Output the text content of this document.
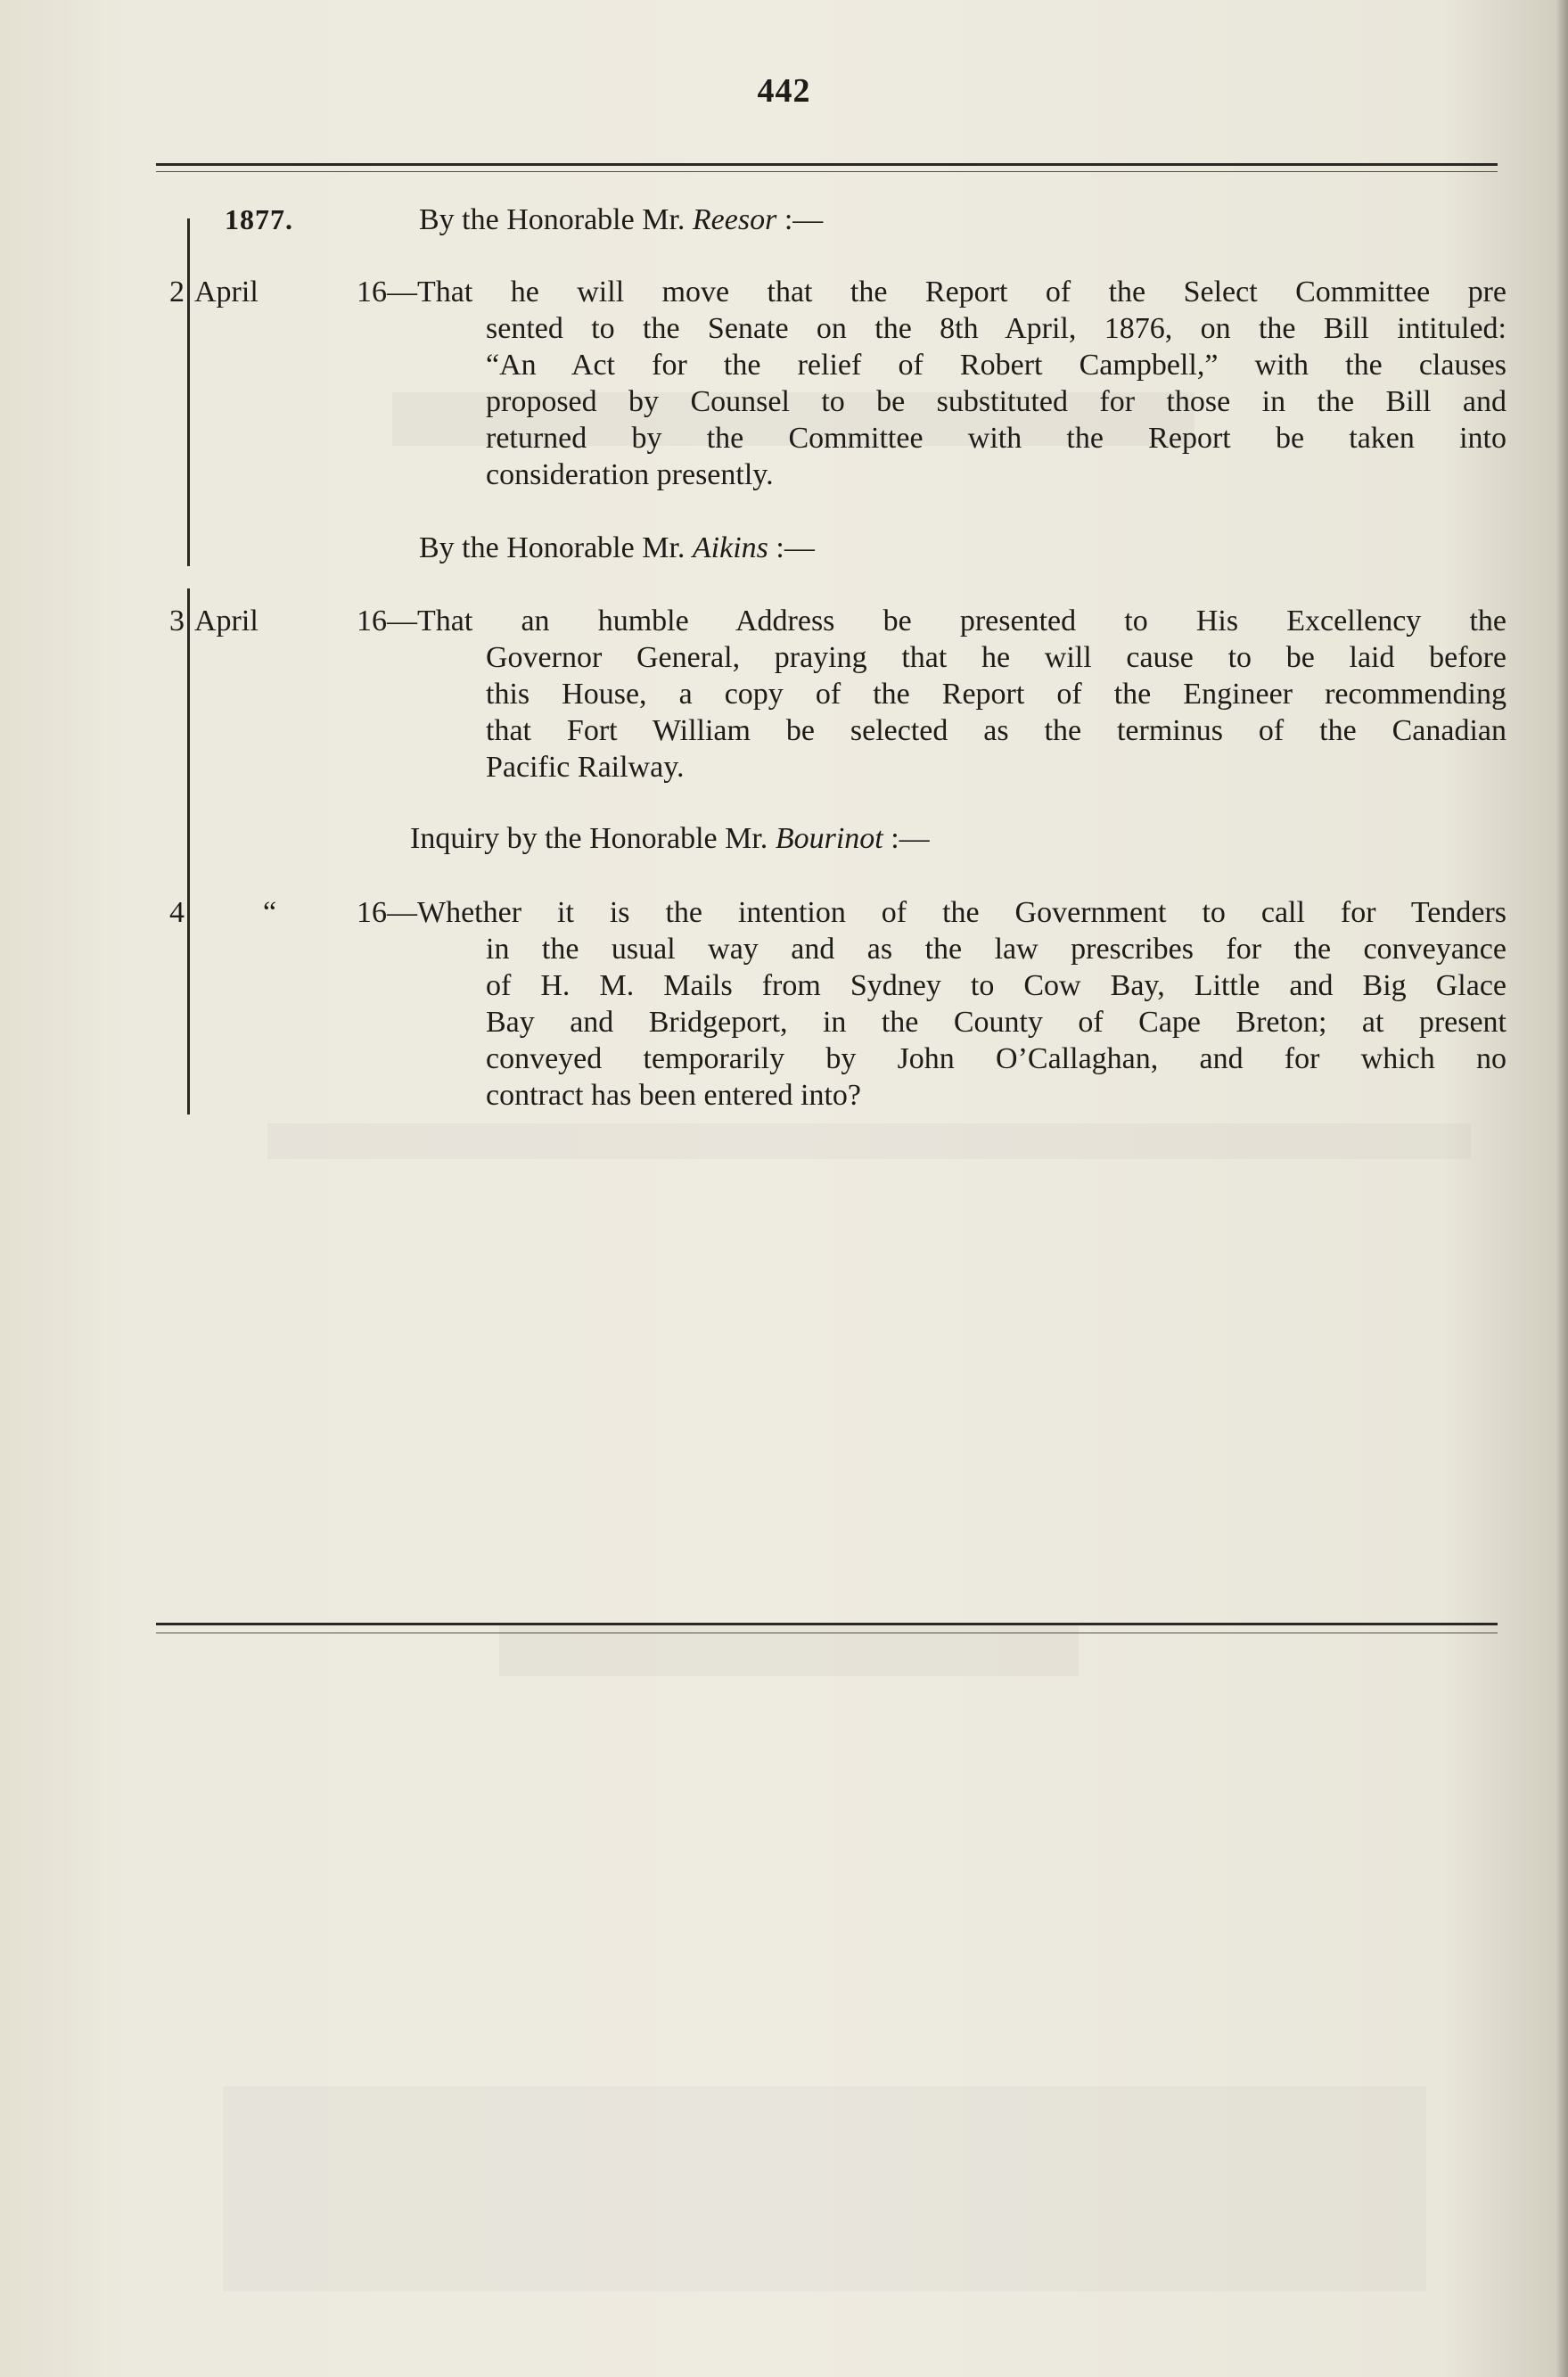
442
1877.	By the Honorable Mr. Reesor :—
2 April	16—That he will move that the Report of the Select Committee pre
sented to the Senate on the 8th April, 1876, on the Bill intituled:
“An Act for the relief of Robert Campbell,” with the clauses
proposed by Counsel to be substituted for those in the Bill and
returned by the Committee with the Report be taken into
consideration presently.
By the Honorable Mr. Aikins :—
3 April	16—That an humble Address be presented to His Excellency the
Governor General, praying that he will cause to be laid before
this House, a copy of the Report of the Engineer recommending
that Fort William be selected as the terminus of the Canadian
Pacific Railway.
Inquiry by the Honorable Mr. Bourinot :—
4	“	16—Whether it is the intention of the Government to call for Tenders
in the usual way and as the law prescribes for the conveyance
of H. M. Mails from Sydney to Cow Bay, Little and Big Glace
Bay and Bridgeport, in the County of Cape Breton; at present
conveyed temporarily by John O’Callaghan, and for which no
contract has been entered into?
